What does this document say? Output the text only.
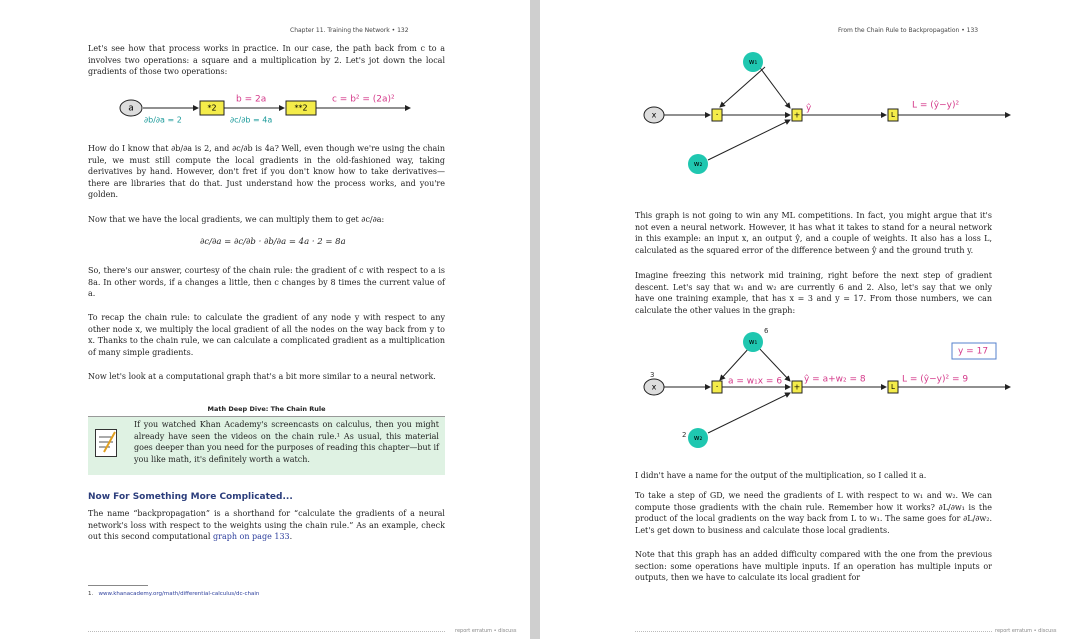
Chapter 11. Training the Network • 132

Let's see how that process works in practice. In our case, the path back from c to a involves two operations: a square and a multiplication by 2. Let's jot down the local gradients of those two operations:

a	*2	**2
b = 2a	c = b² = (2a)²
∂b/∂a = 2	∂c/∂b = 4a

How do I know that ∂b/∂a is 2, and ∂c/∂b is 4a? Well, even though we're using the chain rule, we must still compute the local gradients in the old-fashioned way, taking derivatives by hand. However, don't fret if you don't know how to take derivatives—there are libraries that do that. Just understand how the process works, and you're golden.

Now that we have the local gradients, we can multiply them to get ∂c/∂a:

∂c/∂a = ∂c/∂b · ∂b/∂a = 4a · 2 = 8a

So, there's our answer, courtesy of the chain rule: the gradient of c with respect to a is 8a. In other words, if a changes a little, then c changes by 8 times the current value of a.

To recap the chain rule: to calculate the gradient of any node y with respect to any other node x, we multiply the local gradient of all the nodes on the way back from y to x. Thanks to the chain rule, we can calculate a complicated gradient as a multiplication of many simple gradients.

Now let's look at a computational graph that's a bit more similar to a neural network.

Math Deep Dive: The Chain Rule

If you watched Khan Academy's screencasts on calculus, then you might already have seen the videos on the chain rule.¹ As usual, this material goes deeper than you need for the purposes of reading this chapter—but if you like math, it's definitely worth a watch.

Now For Something More Complicated...

The name “backpropagation” is a shorthand for “calculate the gradients of a neural network's loss with respect to the weights using the chain rule.” As an example, check out this second computational graph on page 133.

1. www.khanacademy.org/math/differential-calculus/dc-chain
report erratum • discuss
From the Chain Rule to Backpropagation • 133
x
w₁
w₂
·	+
ŷ
L
L = (ŷ−y)²

This graph is not going to win any ML competitions. In fact, you might argue that it's not even a neural network. However, it has what it takes to stand for a neural network in this example: an input x, an output ŷ, and a couple of weights. It also has a loss L, calculated as the squared error of the difference between ŷ and the ground truth y.

Imagine freezing this network mid training, right before the next step of gradient descent. Let's say that w₁ and w₂ are currently 6 and 2. Also, let's say that we only have one training example, that has x = 3 and y = 17. From those numbers, we can calculate the other values in the graph:

3
x
6
w₁
2 w₂
·
a = w₁x = 6
+
ŷ = a+w₂ = 8
L
L = (ŷ−y)² = 9
y = 17

I didn't have a name for the output of the multiplication, so I called it a.

To take a step of GD, we need the gradients of L with respect to w₁ and w₂. We can compute those gradients with the chain rule. Remember how it works? ∂L/∂w₁ is the product of the local gradients on the way back from L to w₁. The same goes for ∂L/∂w₂. Let's get down to business and calculate those local gradients.

Note that this graph has an added difficulty compared with the one from the previous section: some operations have multiple inputs. If an operation has multiple inputs or outputs, then we have to calculate its local gradient for

report erratum • discuss
